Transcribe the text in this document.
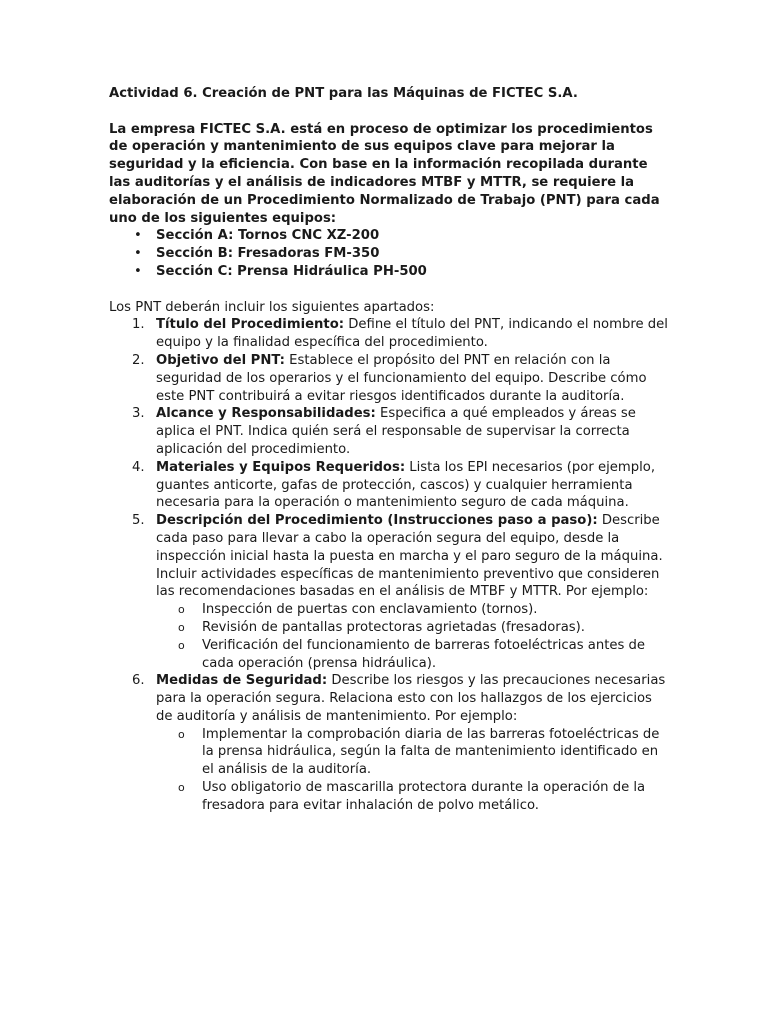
Actividad 6. Creación de PNT para las Máquinas de FICTEC S.A.

La empresa FICTEC S.A. está en proceso de optimizar los procedimientos de operación y mantenimiento de sus equipos clave para mejorar la seguridad y la eficiencia. Con base en la información recopilada durante las auditorías y el análisis de indicadores MTBF y MTTR, se requiere la elaboración de un Procedimiento Normalizado de Trabajo (PNT) para cada uno de los siguientes equipos:

• Sección A: Tornos CNC XZ-200
• Sección B: Fresadoras FM-350
• Sección C: Prensa Hidráulica PH-500

Los PNT deberán incluir los siguientes apartados:

1. Título del Procedimiento: Define el título del PNT, indicando el nombre del equipo y la finalidad específica del procedimiento.
2. Objetivo del PNT: Establece el propósito del PNT en relación con la seguridad de los operarios y el funcionamiento del equipo. Describe cómo este PNT contribuirá a evitar riesgos identificados durante la auditoría.
3. Alcance y Responsabilidades: Especifica a qué empleados y áreas se aplica el PNT. Indica quién será el responsable de supervisar la correcta aplicación del procedimiento.
4. Materiales y Equipos Requeridos: Lista los EPI necesarios (por ejemplo, guantes anticorte, gafas de protección, cascos) y cualquier herramienta necesaria para la operación o mantenimiento seguro de cada máquina.
5. Descripción del Procedimiento (Instrucciones paso a paso): Describe cada paso para llevar a cabo la operación segura del equipo, desde la inspección inicial hasta la puesta en marcha y el paro seguro de la máquina. Incluir actividades específicas de mantenimiento preventivo que consideren las recomendaciones basadas en el análisis de MTBF y MTTR. Por ejemplo:
o Inspección de puertas con enclavamiento (tornos).
o Revisión de pantallas protectoras agrietadas (fresadoras).
o Verificación del funcionamiento de barreras fotoeléctricas antes de cada operación (prensa hidráulica).
6. Medidas de Seguridad: Describe los riesgos y las precauciones necesarias para la operación segura. Relaciona esto con los hallazgos de los ejercicios de auditoría y análisis de mantenimiento. Por ejemplo:
o Implementar la comprobación diaria de las barreras fotoeléctricas de la prensa hidráulica, según la falta de mantenimiento identificado en el análisis de la auditoría.
o Uso obligatorio de mascarilla protectora durante la operación de la fresadora para evitar inhalación de polvo metálico.
